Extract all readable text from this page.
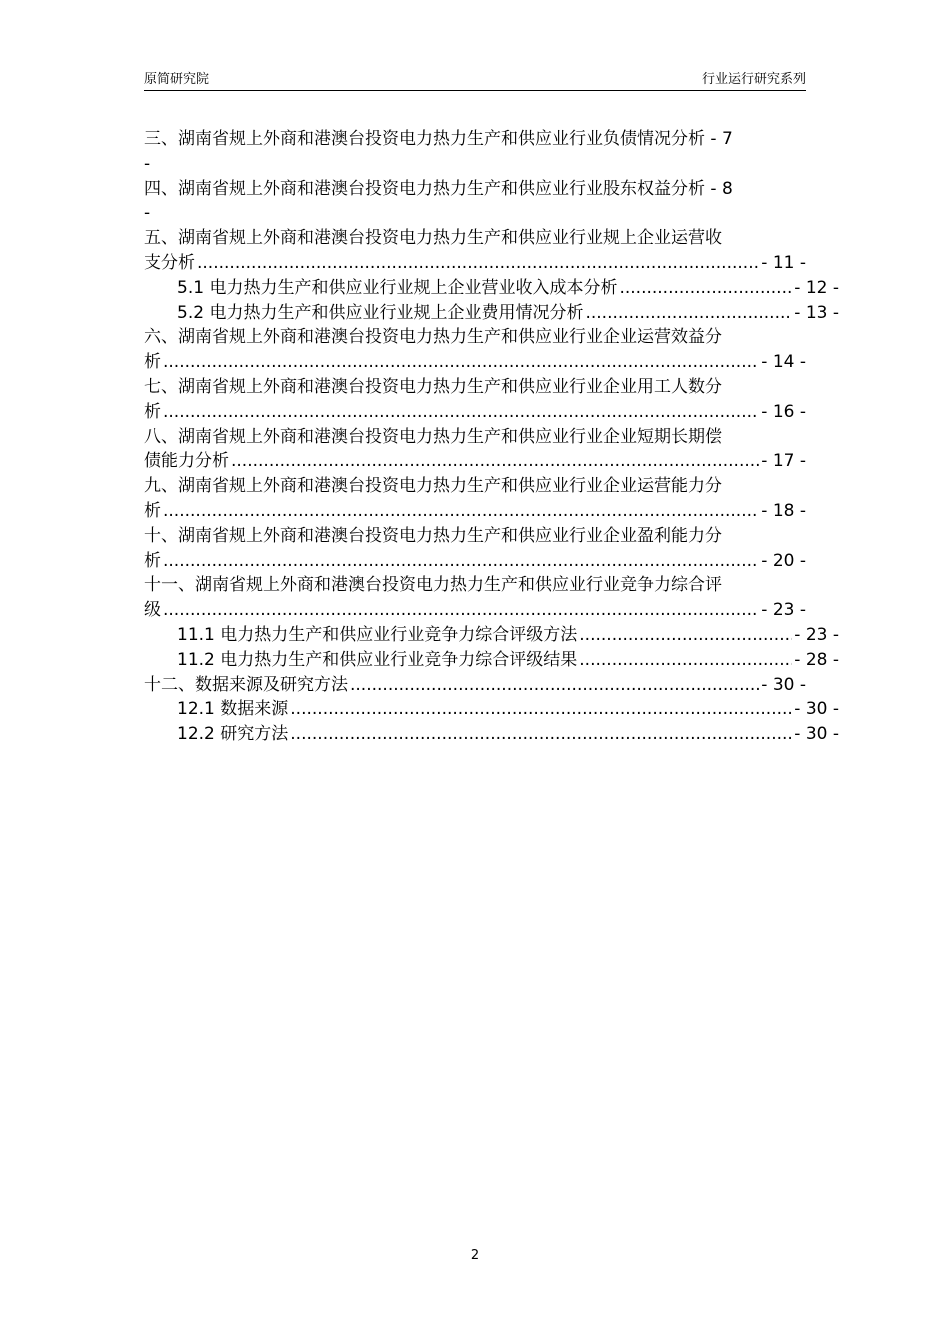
原简研究院	行业运行研究系列
三、湖南省规上外商和港澳台投资电力热力生产和供应业行业负债情况分析 - 7
-
四、湖南省规上外商和港澳台投资电力热力生产和供应业行业股东权益分析 - 8
-
五、湖南省规上外商和港澳台投资电力热力生产和供应业行业规上企业运营收
支分析 .....	- 11 -
5.1 电力热力生产和供应业行业规上企业营业收入成本分析 .....	- 12 -
5.2 电力热力生产和供应业行业规上企业费用情况分析 .....	- 13 -
六、湖南省规上外商和港澳台投资电力热力生产和供应业行业企业运营效益分
析 .....	- 14 -
七、湖南省规上外商和港澳台投资电力热力生产和供应业行业企业用工人数分
析 .....	- 16 -
八、湖南省规上外商和港澳台投资电力热力生产和供应业行业企业短期长期偿
债能力分析 .....	- 17 -
九、湖南省规上外商和港澳台投资电力热力生产和供应业行业企业运营能力分
析 .....	- 18 -
十、湖南省规上外商和港澳台投资电力热力生产和供应业行业企业盈利能力分
析 .....	- 20 -
十一、湖南省规上外商和港澳台投资电力热力生产和供应业行业竞争力综合评
级 .....	- 23 -
11.1 电力热力生产和供应业行业竞争力综合评级方法 .....	- 23 -
11.2 电力热力生产和供应业行业竞争力综合评级结果 .....	- 28 -
十二、数据来源及研究方法 .....	- 30 -
12.1 数据来源 .....	- 30 -
12.2 研究方法 .....	- 30 -
2
